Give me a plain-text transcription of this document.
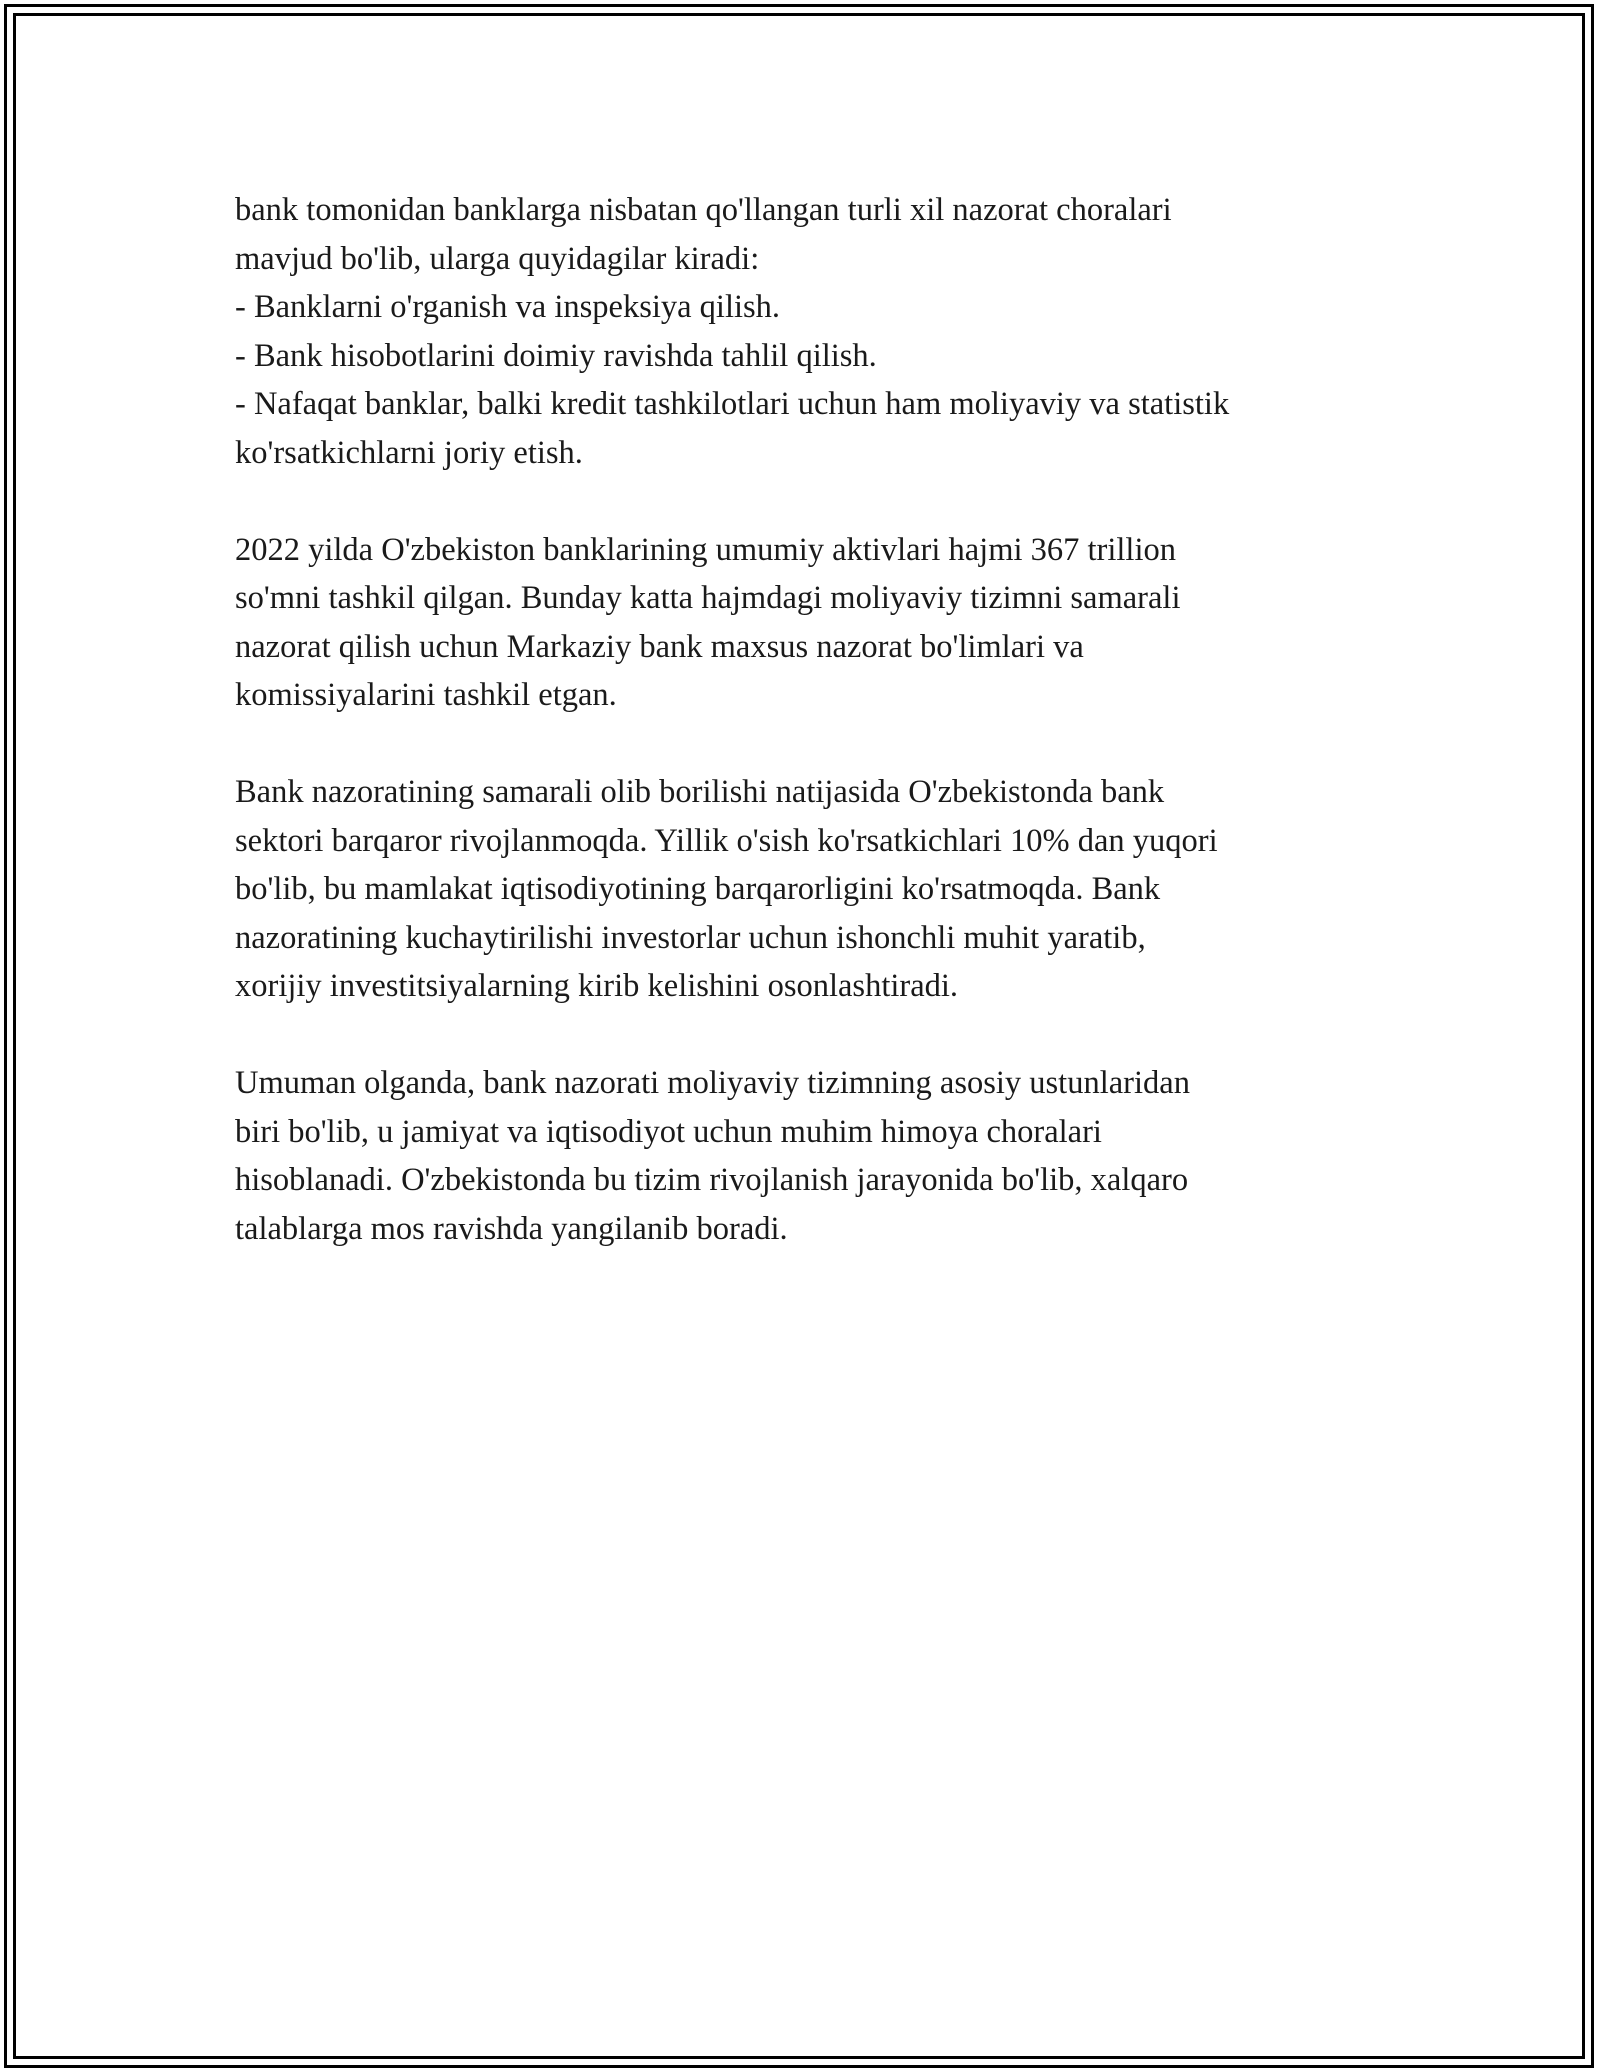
bank tomonidan banklarga nisbatan qo'llangan turli xil nazorat choralari
mavjud bo'lib, ularga quyidagilar kiradi:
- Banklarni o'rganish va inspeksiya qilish.
- Bank hisobotlarini doimiy ravishda tahlil qilish.
- Nafaqat banklar, balki kredit tashkilotlari uchun ham moliyaviy va statistik
ko'rsatkichlarni joriy etish.
2022 yilda O'zbekiston banklarining umumiy aktivlari hajmi 367 trillion
so'mni tashkil qilgan. Bunday katta hajmdagi moliyaviy tizimni samarali
nazorat qilish uchun Markaziy bank maxsus nazorat bo'limlari va
komissiyalarini tashkil etgan.
Bank nazoratining samarali olib borilishi natijasida O'zbekistonda bank
sektori barqaror rivojlanmoqda. Yillik o'sish ko'rsatkichlari 10% dan yuqori
bo'lib, bu mamlakat iqtisodiyotining barqarorligini ko'rsatmoqda. Bank
nazoratining kuchaytirilishi investorlar uchun ishonchli muhit yaratib,
xorijiy investitsiyalarning kirib kelishini osonlashtiradi.
Umuman olganda, bank nazorati moliyaviy tizimning asosiy ustunlaridan
biri bo'lib, u jamiyat va iqtisodiyot uchun muhim himoya choralari
hisoblanadi. O'zbekistonda bu tizim rivojlanish jarayonida bo'lib, xalqaro
talablarga mos ravishda yangilanib boradi.
